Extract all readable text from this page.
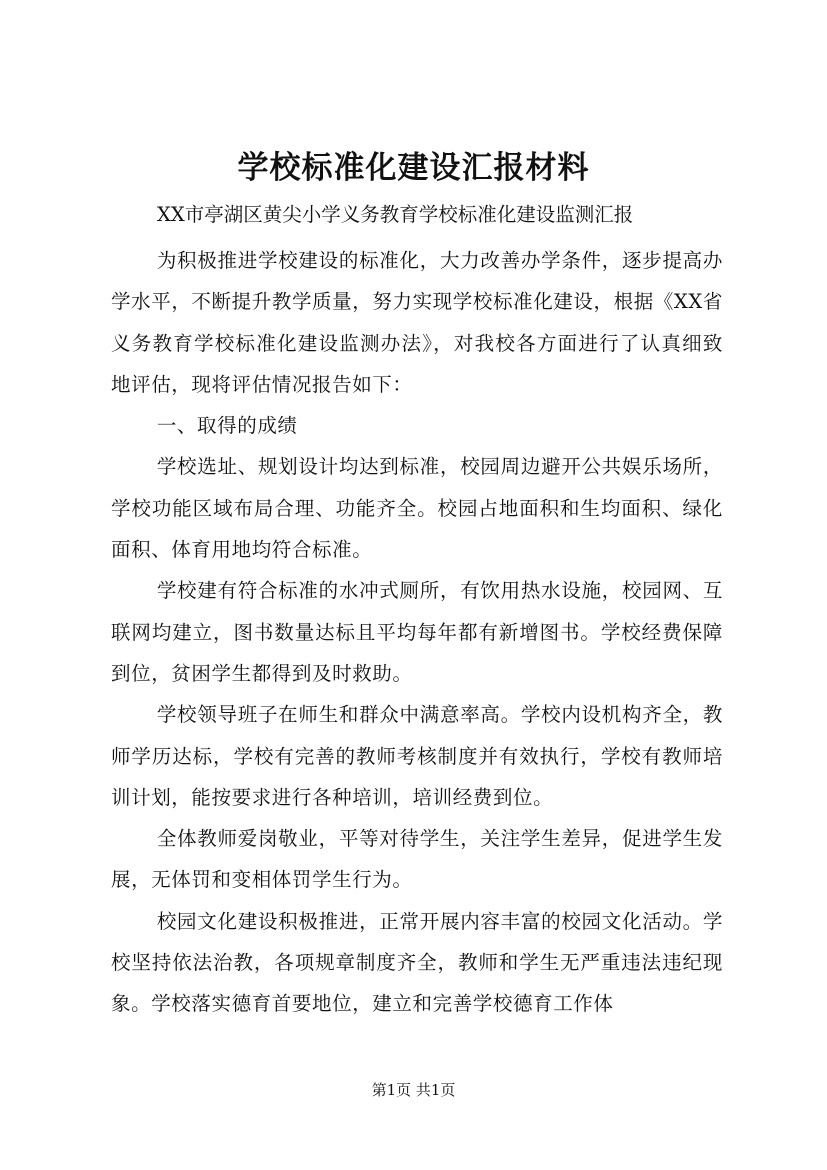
学校标准化建设汇报材料
XX市亭湖区黄尖小学义务教育学校标准化建设监测汇报

为积极推进学校建设的标准化，大力改善办学条件，逐步提高办学水平，不断提升教学质量，努力实现学校标准化建设，根据《XX省义务教育学校标准化建设监测办法》，对我校各方面进行了认真细致地评估，现将评估情况报告如下：

一、取得的成绩

学校选址、规划设计均达到标准，校园周边避开公共娱乐场所，学校功能区域布局合理、功能齐全。校园占地面积和生均面积、绿化面积、体育用地均符合标准。

学校建有符合标准的水冲式厕所，有饮用热水设施，校园网、互联网均建立，图书数量达标且平均每年都有新增图书。学校经费保障到位，贫困学生都得到及时救助。

学校领导班子在师生和群众中满意率高。学校内设机构齐全，教师学历达标，学校有完善的教师考核制度并有效执行，学校有教师培训计划，能按要求进行各种培训，培训经费到位。

全体教师爱岗敬业，平等对待学生，关注学生差异，促进学生发展，无体罚和变相体罚学生行为。

校园文化建设积极推进，正常开展内容丰富的校园文化活动。学校坚持依法治教，各项规章制度齐全，教师和学生无严重违法违纪现象。学校落实德育首要地位，建立和完善学校德育工作体

第1页 共1页
